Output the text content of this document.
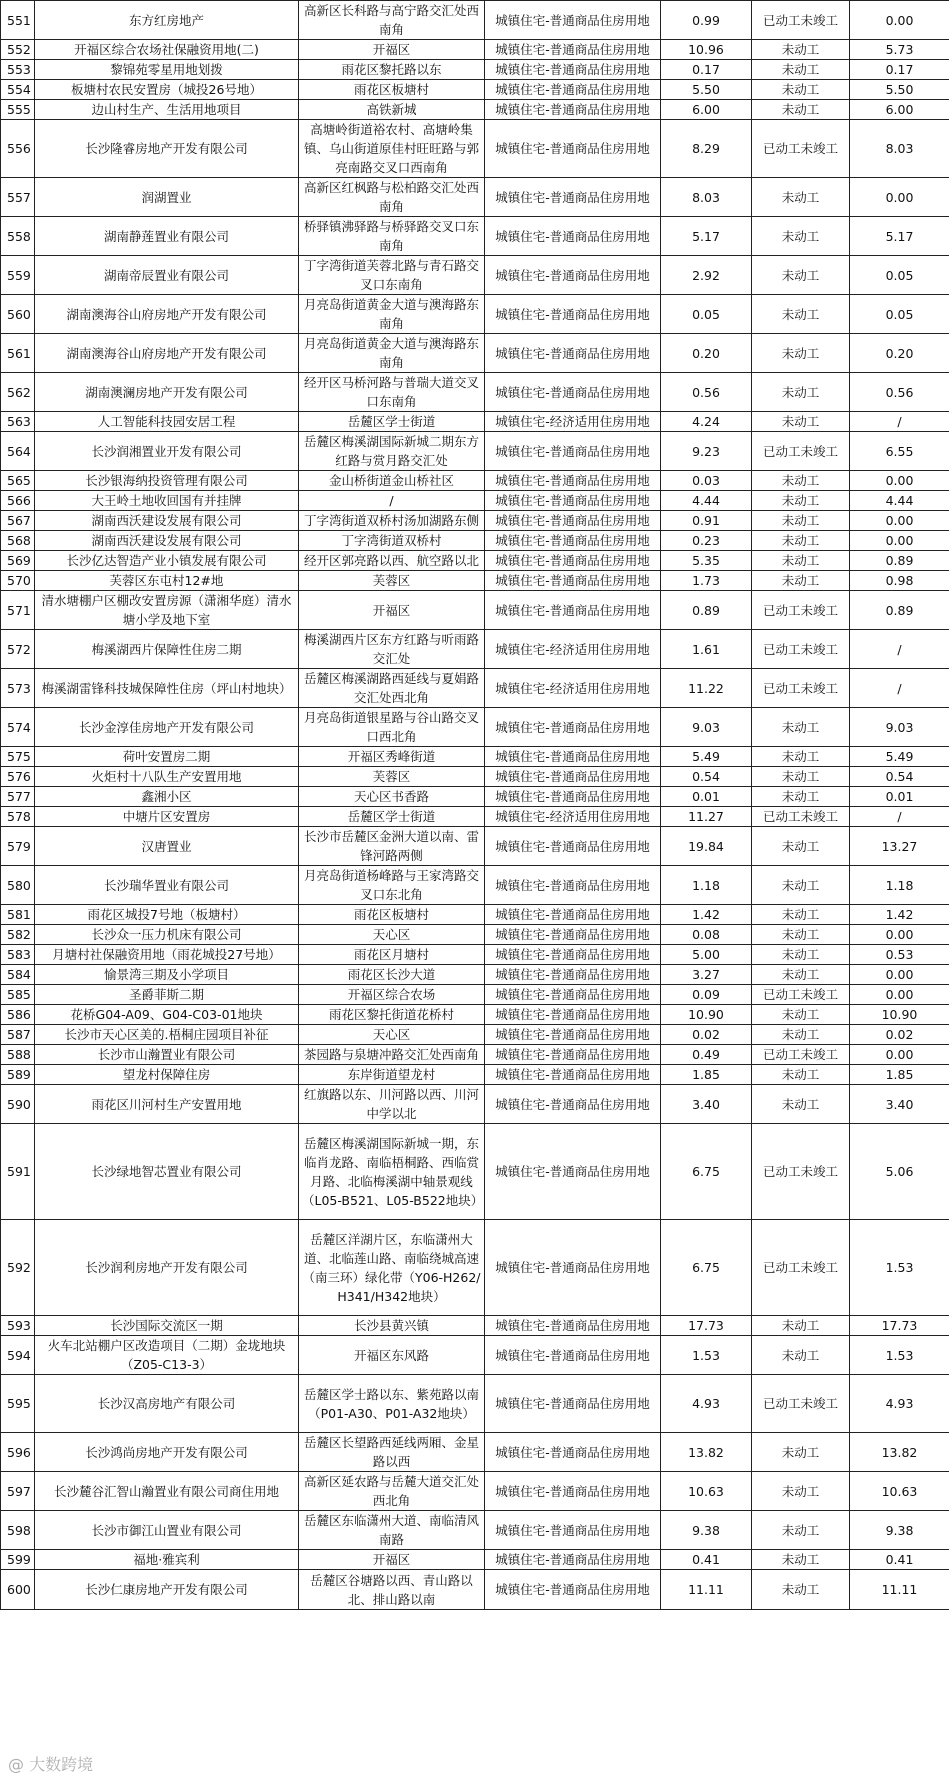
551	东方红房地产	高新区长科路与高宁路交汇处西南角	城镇住宅-普通商品住房用地	0.99	已动工未竣工	0.00
552	开福区综合农场社保融资用地(二)	开福区	城镇住宅-普通商品住房用地	10.96	未动工	5.73
553	黎锦苑零星用地划拨	雨花区黎托路以东	城镇住宅-普通商品住房用地	0.17	未动工	0.17
554	板塘村农民安置房（城投26号地）	雨花区板塘村	城镇住宅-普通商品住房用地	5.50	未动工	5.50
555	边山村生产、生活用地项目	高铁新城	城镇住宅-普通商品住房用地	6.00	未动工	6.00
556	长沙隆睿房地产开发有限公司	高塘岭街道裕农村、高塘岭集镇、乌山街道原佳村旺旺路与郭亮南路交叉口西南角	城镇住宅-普通商品住房用地	8.29	已动工未竣工	8.03
557	润湖置业	高新区红枫路与松柏路交汇处西南角	城镇住宅-普通商品住房用地	8.03	未动工	0.00
558	湖南静莲置业有限公司	桥驿镇沸驿路与桥驿路交叉口东南角	城镇住宅-普通商品住房用地	5.17	未动工	5.17
559	湖南帝辰置业有限公司	丁字湾街道芙蓉北路与青石路交叉口东南角	城镇住宅-普通商品住房用地	2.92	未动工	0.05
560	湖南澳海谷山府房地产开发有限公司	月亮岛街道黄金大道与澳海路东南角	城镇住宅-普通商品住房用地	0.05	未动工	0.05
561	湖南澳海谷山府房地产开发有限公司	月亮岛街道黄金大道与澳海路东南角	城镇住宅-普通商品住房用地	0.20	未动工	0.20
562	湖南澳澜房地产开发有限公司	经开区马桥河路与普瑞大道交叉口东南角	城镇住宅-普通商品住房用地	0.56	未动工	0.56
563	人工智能科技园安居工程	岳麓区学士街道	城镇住宅-经济适用住房用地	4.24	未动工	/
564	长沙润湘置业开发有限公司	岳麓区梅溪湖国际新城二期东方红路与赏月路交汇处	城镇住宅-普通商品住房用地	9.23	已动工未竣工	6.55
565	长沙银海纳投资管理有限公司	金山桥街道金山桥社区	城镇住宅-普通商品住房用地	0.03	未动工	0.00
566	大王岭土地收回国有并挂牌	/	城镇住宅-普通商品住房用地	4.44	未动工	4.44
567	湖南西沃建设发展有限公司	丁字湾街道双桥村汤加湖路东侧	城镇住宅-普通商品住房用地	0.91	未动工	0.00
568	湖南西沃建设发展有限公司	丁字湾街道双桥村	城镇住宅-普通商品住房用地	0.23	未动工	0.00
569	长沙亿达智造产业小镇发展有限公司	经开区郭亮路以西、航空路以北	城镇住宅-普通商品住房用地	5.35	未动工	0.89
570	芙蓉区东屯村12#地	芙蓉区	城镇住宅-普通商品住房用地	1.73	未动工	0.98
571	清水塘棚户区棚改安置房源（潇湘华庭）清水塘小学及地下室	开福区	城镇住宅-普通商品住房用地	0.89	已动工未竣工	0.89
572	梅溪湖西片保障性住房二期	梅溪湖西片区东方红路与听雨路交汇处	城镇住宅-经济适用住房用地	1.61	已动工未竣工	/
573	梅溪湖雷锋科技城保障性住房（坪山村地块）	岳麓区梅溪湖路西延线与夏娟路交汇处西北角	城镇住宅-经济适用住房用地	11.22	已动工未竣工	/
574	长沙金淳佳房地产开发有限公司	月亮岛街道银星路与谷山路交叉口西北角	城镇住宅-普通商品住房用地	9.03	未动工	9.03
575	荷叶安置房二期	开福区秀峰街道	城镇住宅-普通商品住房用地	5.49	未动工	5.49
576	火炬村十八队生产安置用地	芙蓉区	城镇住宅-普通商品住房用地	0.54	未动工	0.54
577	鑫湘小区	天心区书香路	城镇住宅-普通商品住房用地	0.01	未动工	0.01
578	中塘片区安置房	岳麓区学士街道	城镇住宅-经济适用住房用地	11.27	已动工未竣工	/
579	汉唐置业	长沙市岳麓区金洲大道以南、雷锋河路两侧	城镇住宅-普通商品住房用地	19.84	未动工	13.27
580	长沙瑞华置业有限公司	月亮岛街道杨峰路与王家湾路交叉口东北角	城镇住宅-普通商品住房用地	1.18	未动工	1.18
581	雨花区城投7号地（板塘村）	雨花区板塘村	城镇住宅-普通商品住房用地	1.42	未动工	1.42
582	长沙众一压力机床有限公司	天心区	城镇住宅-普通商品住房用地	0.08	未动工	0.00
583	月塘村社保融资用地（雨花城投27号地）	雨花区月塘村	城镇住宅-普通商品住房用地	5.00	未动工	0.53
584	愉景湾三期及小学项目	雨花区长沙大道	城镇住宅-普通商品住房用地	3.27	未动工	0.00
585	圣爵菲斯二期	开福区综合农场	城镇住宅-普通商品住房用地	0.09	已动工未竣工	0.00
586	花桥G04-A09、G04-C03-01地块	雨花区黎托街道花桥村	城镇住宅-普通商品住房用地	10.90	未动工	10.90
587	长沙市天心区美的.梧桐庄园项目补征	天心区	城镇住宅-普通商品住房用地	0.02	未动工	0.02
588	长沙市山瀚置业有限公司	茶园路与泉塘冲路交汇处西南角	城镇住宅-普通商品住房用地	0.49	已动工未竣工	0.00
589	望龙村保障住房	东岸街道望龙村	城镇住宅-普通商品住房用地	1.85	未动工	1.85
590	雨花区川河村生产安置用地	红旗路以东、川河路以西、川河中学以北	城镇住宅-普通商品住房用地	3.40	未动工	3.40
591	长沙绿地智芯置业有限公司	岳麓区梅溪湖国际新城一期，东临肖龙路、南临梧桐路、西临赏月路、北临梅溪湖中轴景观线（L05-B521、L05-B522地块）	城镇住宅-普通商品住房用地	6.75	已动工未竣工	5.06
592	长沙润利房地产开发有限公司	岳麓区洋湖片区，东临潇州大道、北临莲山路、南临绕城高速（南三环）绿化带（Y06-H262/H341/H342地块）	城镇住宅-普通商品住房用地	6.75	已动工未竣工	1.53
593	长沙国际交流区一期	长沙县黄兴镇	城镇住宅-普通商品住房用地	17.73	未动工	17.73
594	火车北站棚户区改造项目（二期）金垅地块（Z05-C13-3）	开福区东风路	城镇住宅-普通商品住房用地	1.53	未动工	1.53
595	长沙汉高房地产有限公司	岳麓区学士路以东、紫苑路以南（P01-A30、P01-A32地块）	城镇住宅-普通商品住房用地	4.93	已动工未竣工	4.93
596	长沙鸿尚房地产开发有限公司	岳麓区长望路西延线两厢、金星路以西	城镇住宅-普通商品住房用地	13.82	未动工	13.82
597	长沙麓谷汇智山瀚置业有限公司商住用地	高新区延农路与岳麓大道交汇处西北角	城镇住宅-普通商品住房用地	10.63	未动工	10.63
598	长沙市御江山置业有限公司	岳麓区东临潇州大道、南临清风南路	城镇住宅-普通商品住房用地	9.38	未动工	9.38
599	福地·雅宾利	开福区	城镇住宅-普通商品住房用地	0.41	未动工	0.41
600	长沙仁康房地产开发有限公司	岳麓区谷塘路以西、青山路以北、排山路以南	城镇住宅-普通商品住房用地	11.11	未动工	11.11
@ 大数跨境
